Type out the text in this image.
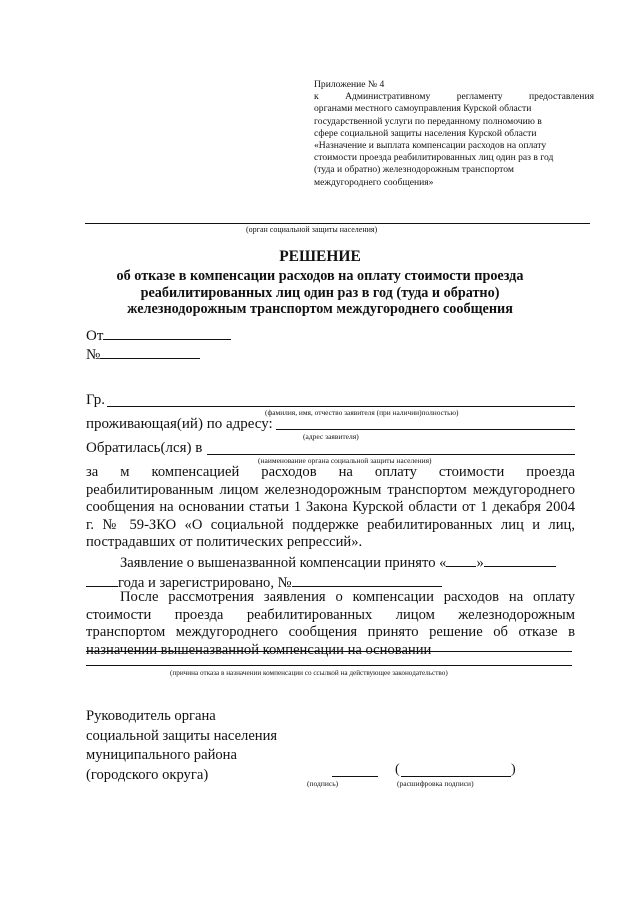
Приложение № 4
к Административному регламенту предоставления
органами местного самоуправления Курской области
государственной услуги по переданному полномочию в
сфере социальной защиты населения Курской области
«Назначение и выплата компенсации расходов на оплату
стоимости проезда реабилитированных лиц один раз в год
(туда и обратно) железнодорожным транспортом
междугороднего сообщения»
(орган социальной защиты населения)
РЕШЕНИЕ
об отказе в компенсации расходов на оплату стоимости проезда
реабилитированных лиц один раз в год (туда и обратно)
железнодорожным транспортом междугороднего сообщения
От
№
Гр.
(фамилия, имя, отчество заявителя (при наличии)полностью)
проживающая(ий) по адресу:
(адрес заявителя)
Обратилась(лся) в
(наименование органа социальной защиты населения)
за м компенсацией расходов на оплату стоимости проезда
реабилитированным лицом железнодорожным транспортом междугороднего
сообщения на основании статьи 1 Закона Курской области от 1 декабря 2004
г. № 59-ЗКО «О социальной поддержке реабилитированных лиц и лиц,
пострадавших от политических репрессий».
Заявление о вышеназванной компенсации принято « »
года и зарегистрировано, №
После рассмотрения заявления о компенсации расходов на оплату
стоимости проезда реабилитированных лицом железнодорожным
транспортом междугороднего сообщения принято решение об отказе в
назначении вышеназванной компенсации на основании
(причина отказа в назначении компенсации со ссылкой на действующее законодательство)
Руководитель органа
социальной защиты населения
муниципального района
(городского округа)
(подпись)
(	)
(расшифровка подписи)
